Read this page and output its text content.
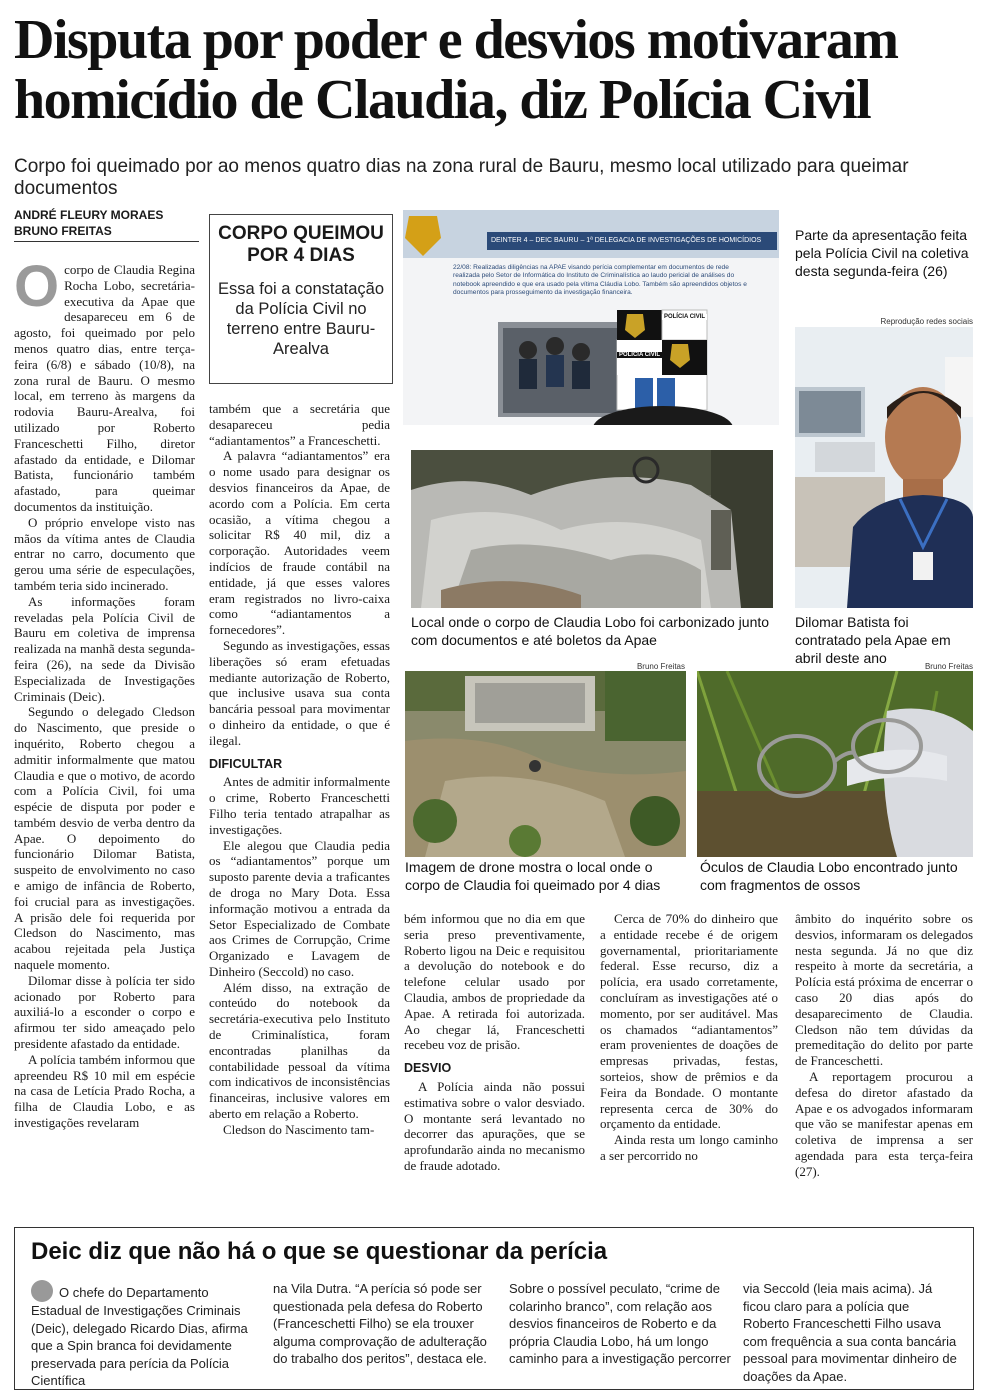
Disputa por poder e desvios motivaram homicídio de Claudia, diz Polícia Civil
Corpo foi queimado por ao menos quatro dias na zona rural de Bauru, mesmo local utilizado para queimar documentos
ANDRÉ FLEURY MORAES
BRUNO FREITAS
O corpo de Claudia Regina Rocha Lobo, secretária-executiva da Apae que desapareceu em 6 de agosto, foi queimado por pelo menos quatro dias, entre terça-feira (6/8) e sábado (10/8), na zona rural de Bauru. O mesmo local, em terreno às margens da rodovia Bauru-Arealva, foi utilizado por Roberto Franceschetti Filho, diretor afastado da entidade, e Dilomar Batista, funcionário também afastado, para queimar documentos da instituição.

O próprio envelope visto nas mãos da vítima antes de Claudia entrar no carro, documento que gerou uma série de especulações, também teria sido incinerado.

As informações foram reveladas pela Polícia Civil de Bauru em coletiva de imprensa realizada na manhã desta segunda-feira (26), na sede da Divisão Especializada de Investigações Criminais (Deic).

Segundo o delegado Cledson do Nascimento, que preside o inquérito, Roberto chegou a admitir informalmente que matou Claudia e que o motivo, de acordo com a Polícia Civil, foi uma espécie de disputa por poder e também desvio de verba dentro da Apae. O depoimento do funcionário Dilomar Batista, suspeito de envolvimento no caso e amigo de infância de Roberto, foi crucial para as investigações. A prisão dele foi requerida por Cledson do Nascimento, mas acabou rejeitada pela Justiça naquele momento.

Dilomar disse à polícia ter sido acionado por Roberto para auxiliá-lo a esconder o corpo e afirmou ter sido ameaçado pelo presidente afastado da entidade.

A polícia também informou que apreendeu R$ 10 mil em espécie na casa de Letícia Prado Rocha, a filha de Claudia Lobo, e as investigações revelaram

CORPO QUEIMOU POR 4 DIAS
Essa foi a constatação da Polícia Civil no terreno entre Bauru-Arealva

também que a secretária que desapareceu pedia “adiantamentos” a Franceschetti.

A palavra “adiantamentos” era o nome usado para designar os desvios financeiros da Apae, de acordo com a Polícia. Em certa ocasião, a vítima chegou a solicitar R$ 40 mil, diz a corporação. Autoridades veem indícios de fraude contábil na entidade, já que esses valores eram registrados no livro-caixa como “adiantamentos a fornecedores”.

Segundo as investigações, essas liberações só eram efetuadas mediante autorização de Roberto, que inclusive usava sua conta bancária pessoal para movimentar o dinheiro da entidade, o que é ilegal.

DIFICULTAR

Antes de admitir informalmente o crime, Roberto Franceschetti Filho teria tentado atrapalhar as investigações.

Ele alegou que Claudia pedia os “adiantamentos” porque um suposto parente devia a traficantes de droga no Mary Dota. Essa informação motivou a entrada da Setor Especializado de Combate aos Crimes de Corrupção, Crime Organizado e Lavagem de Dinheiro (Seccold) no caso.

Além disso, na extração de conteúdo do notebook da secretária-executiva pelo Instituto de Criminalística, foram encontradas planilhas da contabilidade pessoal da vítima com indicativos de inconsistências financeiras, inclusive valores em aberto em relação a Roberto.

Cledson do Nascimento tam-

DEINTER 4 – DEIC BAURU – 1ª DELEGACIA DE INVESTIGAÇÕES DE HOMICÍDIOS
22/08: Realizadas diligências na APAE visando perícia complementar em documentos de rede realizada pelo Setor de Informática do Instituto de Criminalística ao laudo pericial de análises do notebook apreendido e que era usado pela vítima Cláudia Lobo. Também são apreendidos objetos e documentos para prosseguimento da investigação financeira.
POLÍCIA CIVIL
POLÍCIA CIVIL
Parte da apresentação feita pela Polícia Civil na coletiva desta segunda-feira (26)
Reprodução redes sociais
Dilomar Batista foi contratado pela Apae em abril deste ano
Local onde o corpo de Claudia Lobo foi carbonizado junto com documentos e até boletos da Apae
Bruno Freitas
Imagem de drone mostra o local onde o corpo de Claudia foi queimado por 4 dias
Bruno Freitas
Óculos de Claudia Lobo encontrado junto com fragmentos de ossos

bém informou que no dia em que seria preso preventivamente, Roberto ligou na Deic e requisitou a devolução do notebook e do telefone celular usado por Claudia, ambos de propriedade da Apae. A retirada foi autorizada. Ao chegar lá, Franceschetti recebeu voz de prisão.

DESVIO

A Polícia ainda não possui estimativa sobre o valor desviado. O montante será levantado no decorrer das apurações, que se aprofundarão ainda no mecanismo de fraude adotado.

Cerca de 70% do dinheiro que a entidade recebe é de origem governamental, prioritariamente federal. Esse recurso, diz a polícia, era usado corretamente, concluíram as investigações até o momento, por ser auditável. Mas os chamados “adiantamentos” eram provenientes de doações de empresas privadas, festas, sorteios, show de prêmios e da Feira da Bondade. O montante representa cerca de 30% do orçamento da entidade.

Ainda resta um longo caminho a ser percorrido no

âmbito do inquérito sobre os desvios, informaram os delegados nesta segunda. Já no que diz respeito à morte da secretária, a Polícia está próxima de encerrar o caso 20 dias após do desaparecimento de Claudia. Cledson não tem dúvidas da premeditação do delito por parte de Franceschetti.

A reportagem procurou a defesa do diretor afastado da Apae e os advogados informaram que vão se manifestar apenas em coletiva de imprensa a ser agendada para esta terça-feira (27).

Deic diz que não há o que se questionar da perícia
O chefe do Departamento Estadual de Investigações Criminais (Deic), delegado Ricardo Dias, afirma que a Spin branca foi devidamente preservada para perícia da Polícia Científica
na Vila Dutra. “A perícia só pode ser questionada pela defesa do Roberto (Franceschetti Filho) se ela trouxer alguma comprovação de adulteração do trabalho dos peritos”, destaca ele.
Sobre o possível peculato, “crime de colarinho branco”, com relação aos desvios financeiros de Roberto e da própria Claudia Lobo, há um longo caminho para a investigação percorrer
via Seccold (leia mais acima). Já ficou claro para a polícia que Roberto Franceschetti Filho usava com frequência a sua conta bancária pessoal para movimentar dinheiro de doações da Apae.
